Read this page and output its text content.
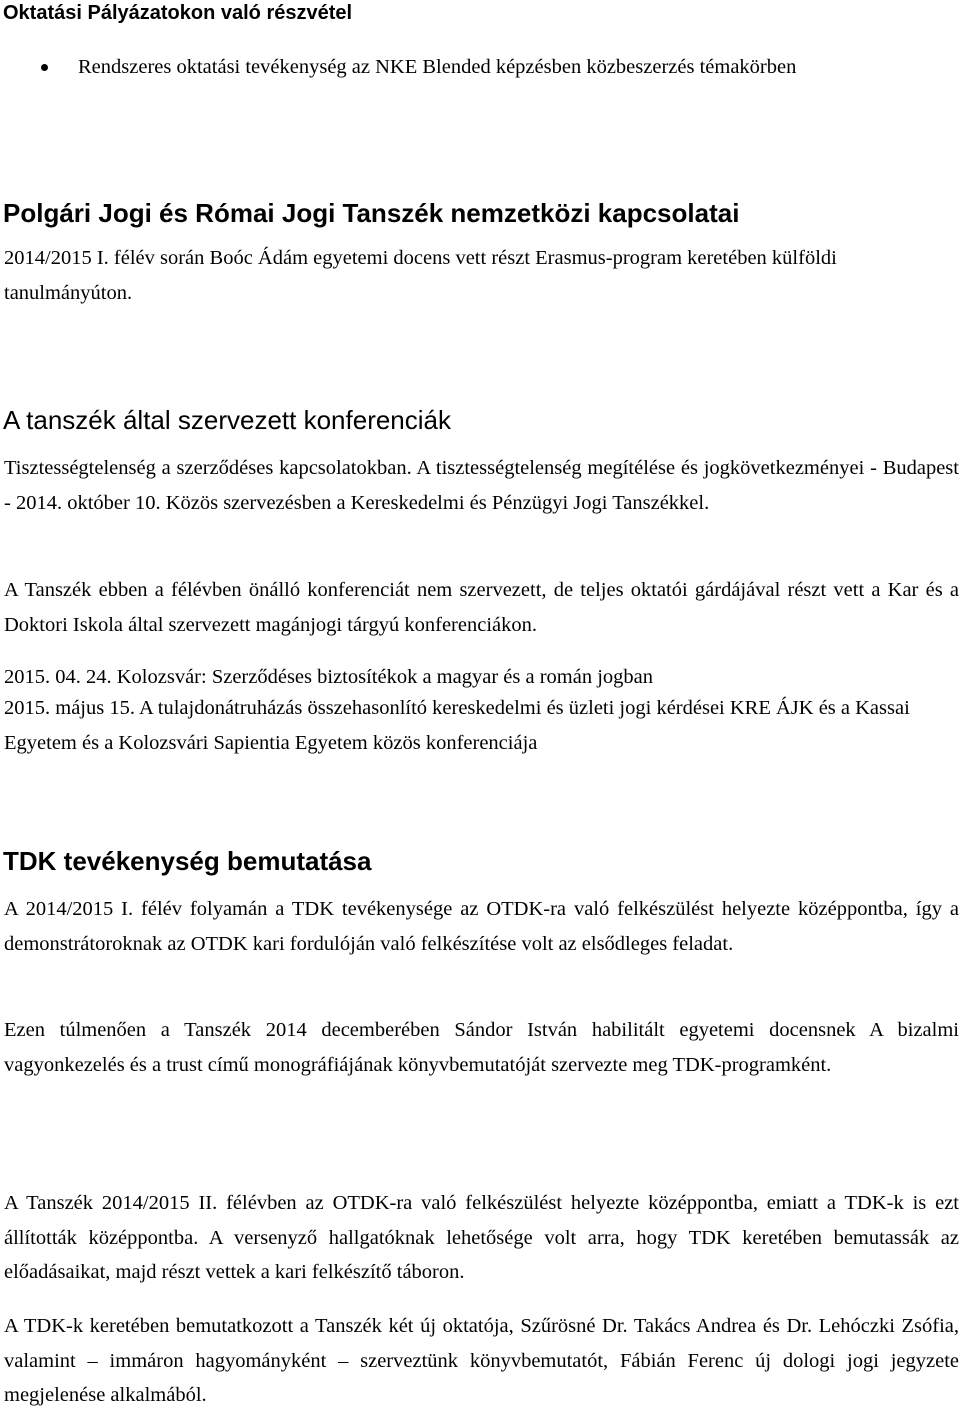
Oktatási Pályázatokon való részvétel

Rendszeres oktatási tevékenység az NKE Blended képzésben közbeszerzés témakörben

Polgári Jogi és Római Jogi Tanszék nemzetközi kapcsolatai

2014/2015 I. félév során Boóc Ádám egyetemi docens vett részt Erasmus-program keretében külföldi tanulmányúton.

A tanszék által szervezett konferenciák

Tisztességtelenség a szerződéses kapcsolatokban. A tisztességtelenség megítélése és jogkövetkezményei - Budapest - 2014. október 10. Közös szervezésben a Kereskedelmi és Pénzügyi Jogi Tanszékkel.

A Tanszék ebben a félévben önálló konferenciát nem szervezett, de teljes oktatói gárdájával részt vett a Kar és a Doktori Iskola által szervezett magánjogi tárgyú konferenciákon.

2015. 04. 24. Kolozsvár: Szerződéses biztosítékok a magyar és a román jogban

2015. május 15. A tulajdonátruházás összehasonlító kereskedelmi és üzleti jogi kérdései KRE ÁJK és a Kassai Egyetem és a Kolozsvári Sapientia Egyetem közös konferenciája

TDK tevékenység bemutatása

A 2014/2015 I. félév folyamán a TDK tevékenysége az OTDK-ra való felkészülést helyezte középpontba, így a demonstrátoroknak az OTDK kari fordulóján való felkészítése volt az elsődleges feladat.

Ezen túlmenően a Tanszék 2014 decemberében Sándor István habilitált egyetemi docensnek A bizalmi vagyonkezelés és a trust című monográfiájának könyvbemutatóját szervezte meg TDK-programként.

A Tanszék 2014/2015 II. félévben az OTDK-ra való felkészülést helyezte középpontba, emiatt a TDK-k is ezt állították középpontba. A versenyző hallgatóknak lehetősége volt arra, hogy TDK keretében bemutassák az előadásaikat, majd részt vettek a kari felkészítő táboron.

A TDK-k keretében bemutatkozott a Tanszék két új oktatója, Szűrösné Dr. Takács Andrea és Dr. Lehóczki Zsófia, valamint – immáron hagyományként – szerveztünk könyvbemutatót, Fábián Ferenc új dologi jogi jegyzete megjelenése alkalmából.
